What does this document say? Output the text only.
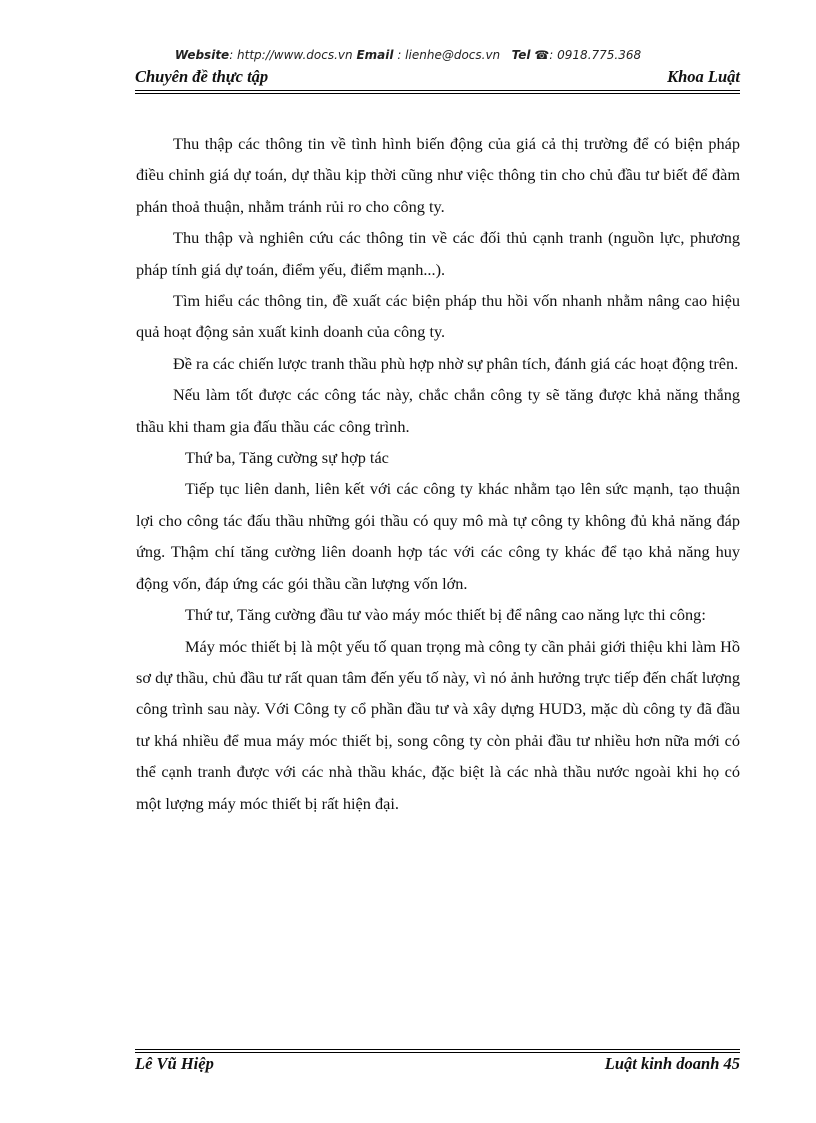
Website: http://www.docs.vn Email : lienhe@docs.vn Tel ☎: 0918.775.368
Chuyên đề thực tập	Khoa Luật

Thu thập các thông tin về tình hình biến động của giá cả thị trường để có biện pháp điều chỉnh giá dự toán, dự thầu kịp thời cũng như việc thông tin cho chủ đầu tư biết để đàm phán thoả thuận, nhằm tránh rủi ro cho công ty.

Thu thập và nghiên cứu các thông tin về các đối thủ cạnh tranh (nguồn lực, phương pháp tính giá dự toán, điểm yếu, điểm mạnh...).

Tìm hiểu các thông tin, đề xuất các biện pháp thu hồi vốn nhanh nhằm nâng cao hiệu quả hoạt động sản xuất kinh doanh của công ty.

Đề ra các chiến lược tranh thầu phù hợp nhờ sự phân tích, đánh giá các hoạt động trên.

Nếu làm tốt được các công tác này, chắc chắn công ty sẽ tăng được khả năng thắng thầu khi tham gia đấu thầu các công trình.

Thứ ba, Tăng cường sự hợp tác

Tiếp tục liên danh, liên kết với các công ty khác nhằm tạo lên sức mạnh, tạo thuận lợi cho công tác đấu thầu những gói thầu có quy mô mà tự công ty không đủ khả năng đáp ứng. Thậm chí tăng cường liên doanh hợp tác với các công ty khác để tạo khả năng huy động vốn, đáp ứng các gói thầu cần lượng vốn lớn.

Thứ tư, Tăng cường đầu tư vào máy móc thiết bị để nâng cao năng lực thi công:

Máy móc thiết bị là một yếu tố quan trọng mà công ty cần phải giới thiệu khi làm Hồ sơ dự thầu, chủ đầu tư rất quan tâm đến yếu tố này, vì nó ảnh hưởng trực tiếp đến chất lượng công trình sau này. Với Công ty cổ phần đầu tư và xây dựng HUD3, mặc dù công ty đã đầu tư khá nhiều để mua máy móc thiết bị, song công ty còn phải đầu tư nhiều hơn nữa mới có thể cạnh tranh được với các nhà thầu khác, đặc biệt là các nhà thầu nước ngoài khi họ có một lượng máy móc thiết bị rất hiện đại.

Lê Vũ Hiệp	Luật kinh doanh 45
